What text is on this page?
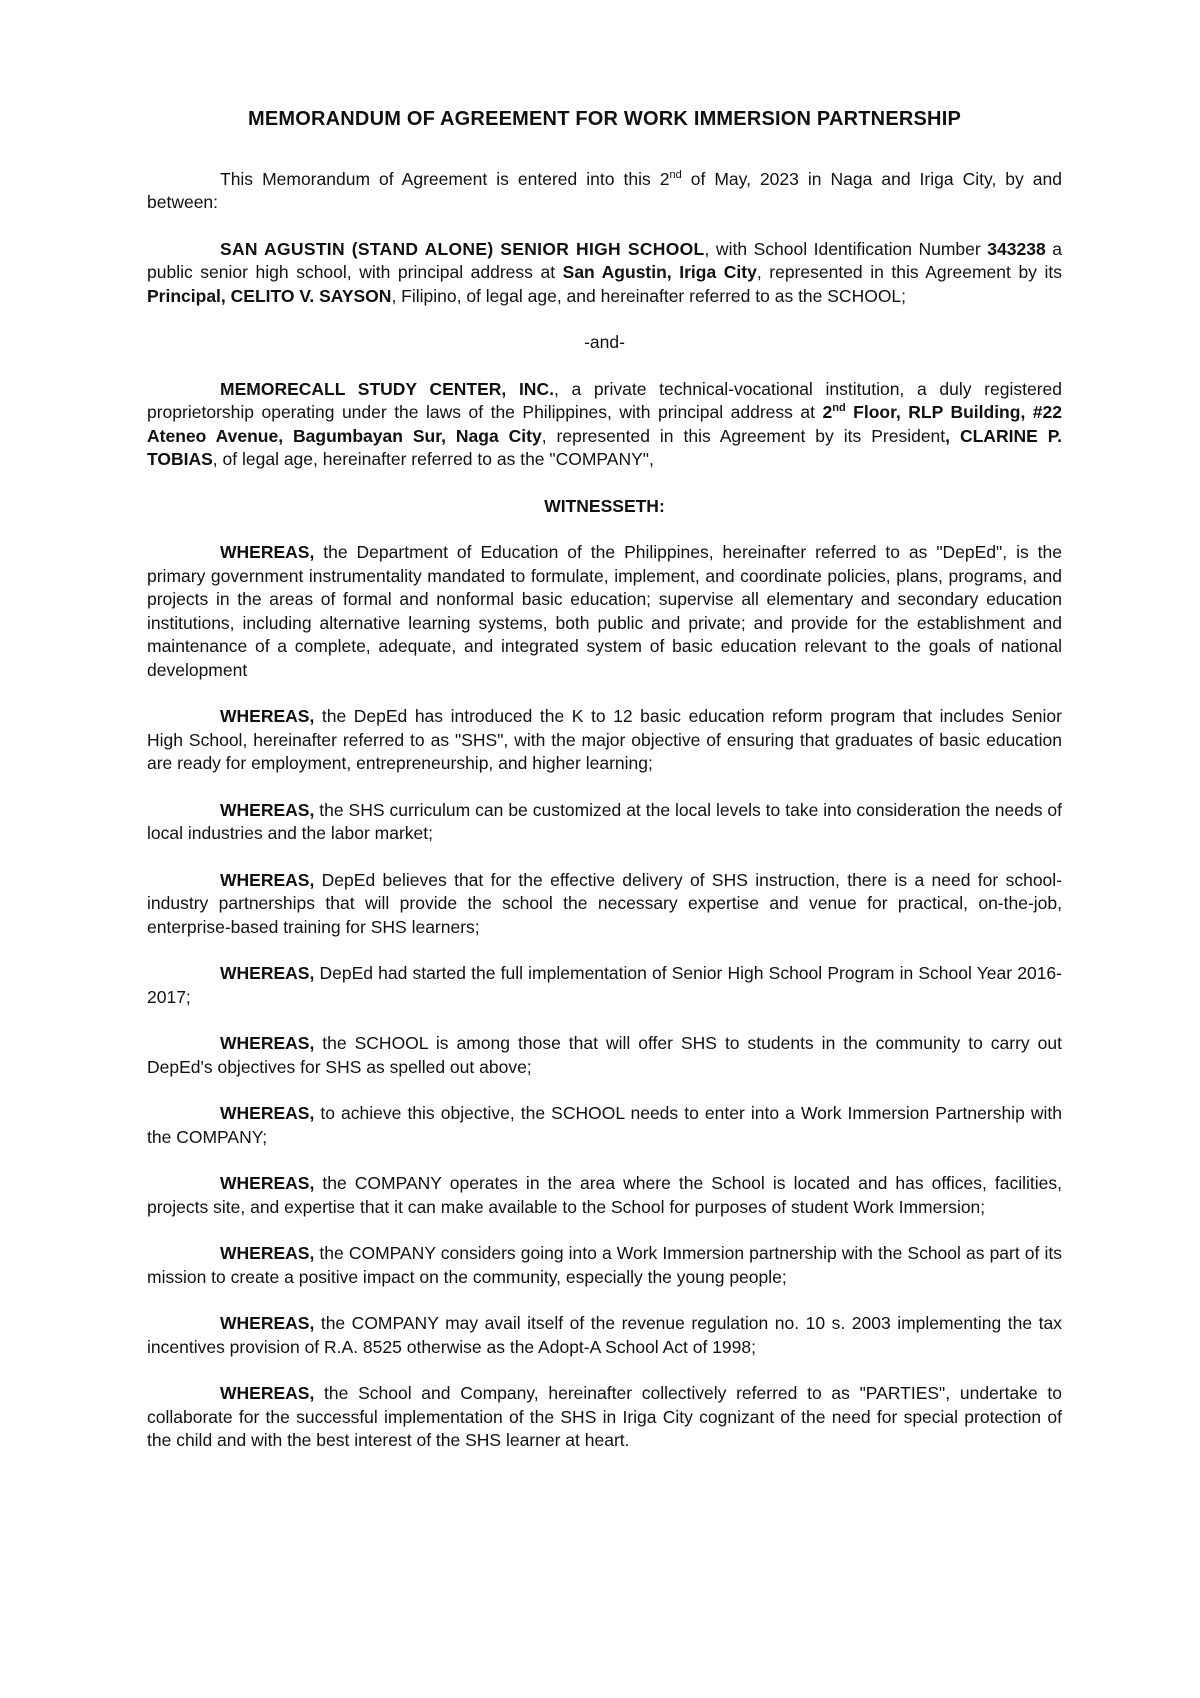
MEMORANDUM OF AGREEMENT FOR WORK IMMERSION PARTNERSHIP

This Memorandum of Agreement is entered into this 2nd of May, 2023 in Naga and Iriga City, by and between:

SAN AGUSTIN (STAND ALONE) SENIOR HIGH SCHOOL, with School Identification Number 343238 a public senior high school, with principal address at San Agustin, Iriga City, represented in this Agreement by its Principal, CELITO V. SAYSON, Filipino, of legal age, and hereinafter referred to as the SCHOOL;

-and-

MEMORECALL STUDY CENTER, INC., a private technical-vocational institution, a duly registered proprietorship operating under the laws of the Philippines, with principal address at 2nd Floor, RLP Building, #22 Ateneo Avenue, Bagumbayan Sur, Naga City, represented in this Agreement by its President, CLARINE P. TOBIAS, of legal age, hereinafter referred to as the "COMPANY",

WITNESSETH:

WHEREAS, the Department of Education of the Philippines, hereinafter referred to as "DepEd", is the primary government instrumentality mandated to formulate, implement, and coordinate policies, plans, programs, and projects in the areas of formal and nonformal basic education; supervise all elementary and secondary education institutions, including alternative learning systems, both public and private; and provide for the establishment and maintenance of a complete, adequate, and integrated system of basic education relevant to the goals of national development

WHEREAS, the DepEd has introduced the K to 12 basic education reform program that includes Senior High School, hereinafter referred to as "SHS", with the major objective of ensuring that graduates of basic education are ready for employment, entrepreneurship, and higher learning;

WHEREAS, the SHS curriculum can be customized at the local levels to take into consideration the needs of local industries and the labor market;

WHEREAS, DepEd believes that for the effective delivery of SHS instruction, there is a need for school-industry partnerships that will provide the school the necessary expertise and venue for practical, on-the-job, enterprise-based training for SHS learners;

WHEREAS, DepEd had started the full implementation of Senior High School Program in School Year 2016-2017;

WHEREAS, the SCHOOL is among those that will offer SHS to students in the community to carry out DepEd's objectives for SHS as spelled out above;

WHEREAS, to achieve this objective, the SCHOOL needs to enter into a Work Immersion Partnership with the COMPANY;

WHEREAS, the COMPANY operates in the area where the School is located and has offices, facilities, projects site, and expertise that it can make available to the School for purposes of student Work Immersion;

WHEREAS, the COMPANY considers going into a Work Immersion partnership with the School as part of its mission to create a positive impact on the community, especially the young people;

WHEREAS, the COMPANY may avail itself of the revenue regulation no. 10 s. 2003 implementing the tax incentives provision of R.A. 8525 otherwise as the Adopt-A School Act of 1998;

WHEREAS, the School and Company, hereinafter collectively referred to as "PARTIES", undertake to collaborate for the successful implementation of the SHS in Iriga City cognizant of the need for special protection of the child and with the best interest of the SHS learner at heart.
